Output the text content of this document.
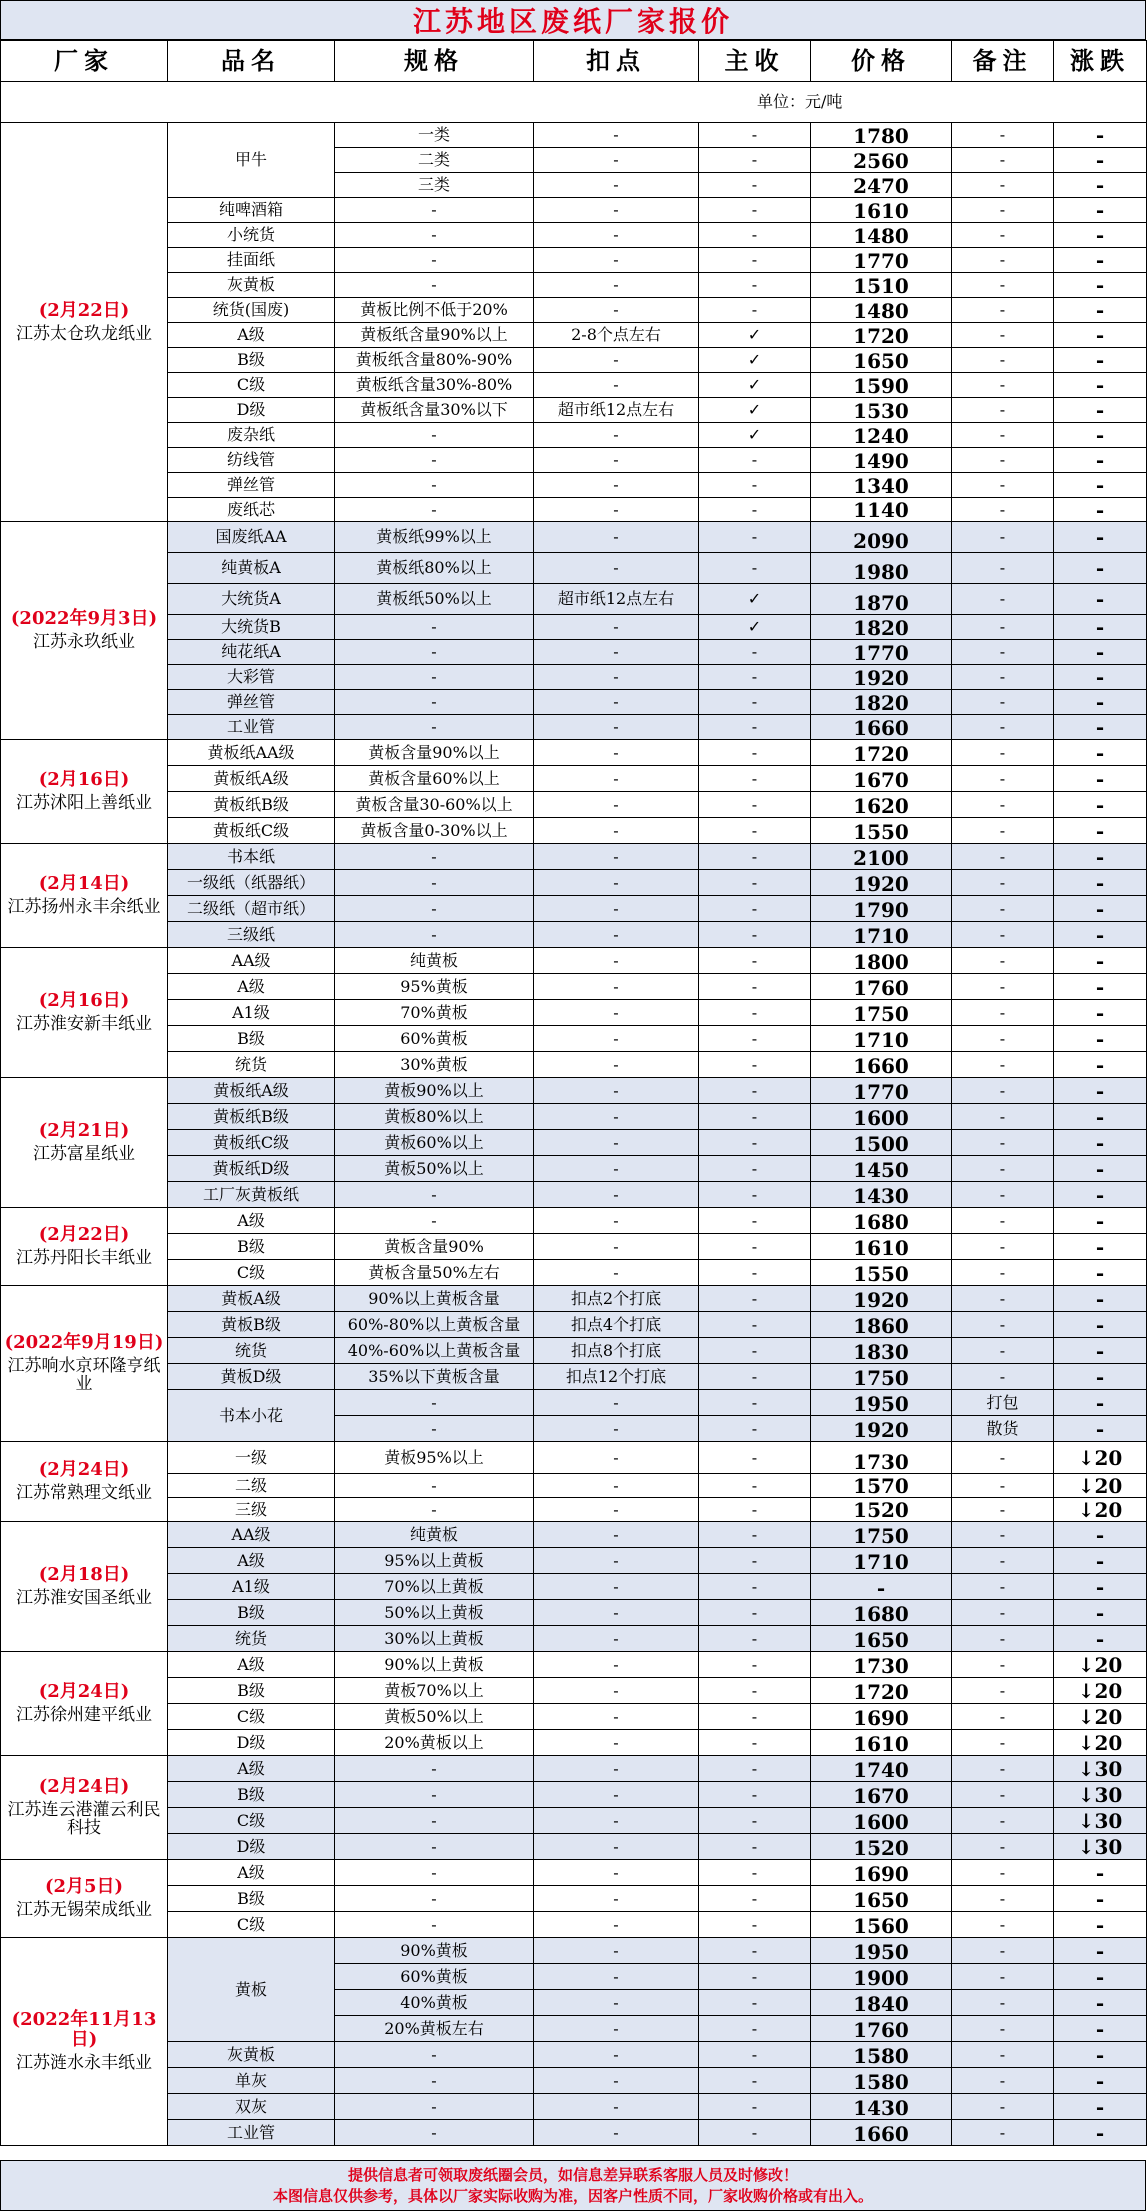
江苏地区废纸厂家报价
厂家	品名	规格	扣点	主收	价格	备注	涨跌
单位：元/吨							

(2月22日)
江苏太仓玖龙纸业	甲牛	一类	-	-	1780	-	-
		二类	-	-	2560	-	-
		三类	-	-	2470	-	-
	纯啤酒箱	-	-	-	1610	-	-
	小统货	-	-	-	1480	-	-
	挂面纸	-	-	-	1770	-	-
	灰黄板	-	-	-	1510	-	-
	统货(国废)	黄板比例不低于20%	-	-	1480	-	-
	A级	黄板纸含量90%以上	2-8个点左右	✓	1720	-	-
	B级	黄板纸含量80%-90%	-	✓	1650	-	-
	C级	黄板纸含量30%-80%	-	✓	1590	-	-
	D级	黄板纸含量30%以下	超市纸12点左右	✓	1530	-	-
	废杂纸	-	-	✓	1240	-	-
	纺线管	-	-	-	1490	-	-
	弹丝管	-	-	-	1340	-	-
	废纸芯	-	-	-	1140	-	-

(2022年9月3日)
江苏永玖纸业	国废纸AA	黄板纸99%以上	-	-	2090	-	-
	纯黄板A	黄板纸80%以上	-	-	1980	-	-
	大统货A	黄板纸50%以上	超市纸12点左右	✓	1870	-	-
	大统货B	-	-	✓	1820	-	-
	纯花纸A	-	-	-	1770	-	-
	大彩管	-	-	-	1920	-	-
	弹丝管	-	-	-	1820	-	-
	工业管	-	-	-	1660	-	-

(2月16日)
江苏沭阳上善纸业	黄板纸AA级	黄板含量90%以上	-	-	1720	-	-
	黄板纸A级	黄板含量60%以上	-	-	1670	-	-
	黄板纸B级	黄板含量30-60%以上	-	-	1620	-	-
	黄板纸C级	黄板含量0-30%以上	-	-	1550	-	-

(2月14日)
江苏扬州永丰余纸业	书本纸	-	-	-	2100	-	-
	一级纸（纸器纸）	-	-	-	1920	-	-
	二级纸（超市纸）	-	-	-	1790	-	-
	三级纸	-	-	-	1710	-	-

(2月16日)
江苏淮安新丰纸业	AA级	纯黄板	-	-	1800	-	-
	A级	95%黄板	-	-	1760	-	-
	A1级	70%黄板	-	-	1750	-	-
	B级	60%黄板	-	-	1710	-	-
	统货	30%黄板	-	-	1660	-	-

(2月21日)
江苏富星纸业	黄板纸A级	黄板90%以上	-	-	1770	-	-
	黄板纸B级	黄板80%以上	-	-	1600	-	-
	黄板纸C级	黄板60%以上	-	-	1500	-	-
	黄板纸D级	黄板50%以上	-	-	1450	-	-
	工厂灰黄板纸	-	-	-	1430	-	-

(2月22日)
江苏丹阳长丰纸业	A级	-	-	-	1680	-	-
	B级	黄板含量90%	-	-	1610	-	-
	C级	黄板含量50%左右	-	-	1550	-	-

(2022年9月19日)
江苏响水京环隆亨纸业	黄板A级	90%以上黄板含量	扣点2个打底	-	1920	-	-
	黄板B级	60%-80%以上黄板含量	扣点4个打底	-	1860	-	-
	统货	40%-60%以上黄板含量	扣点8个打底	-	1830	-	-
	黄板D级	35%以下黄板含量	扣点12个打底	-	1750	-	-
	书本小花	-	-	-	1950	打包	-
		-	-	-	1920	散货	-

(2月24日)
江苏常熟理文纸业	一级	黄板95%以上	-	-	1730	-	↓20
	二级	-	-	-	1570	-	↓20
	三级	-	-	-	1520	-	↓20

(2月18日)
江苏淮安国圣纸业	AA级	纯黄板	-	-	1750	-	-
	A级	95%以上黄板	-	-	1710	-	-
	A1级	70%以上黄板	-	-	-	-	-
	B级	50%以上黄板	-	-	1680	-	-
	统货	30%以上黄板	-	-	1650	-	-

(2月24日)
江苏徐州建平纸业	A级	90%以上黄板	-	-	1730	-	↓20
	B级	黄板70%以上	-	-	1720	-	↓20
	C级	黄板50%以上	-	-	1690	-	↓20
	D级	20%黄板以上	-	-	1610	-	↓20

(2月24日)
江苏连云港灌云利民科技	A级	-	-	-	1740	-	↓30
	B级	-	-	-	1670	-	↓30
	C级	-	-	-	1600	-	↓30
	D级	-	-	-	1520	-	↓30

(2月5日)
江苏无锡荣成纸业	A级	-	-	-	1690	-	-
	B级	-	-	-	1650	-	-
	C级	-	-	-	1560	-	-

(2022年11月13日)
江苏涟水永丰纸业	黄板	90%黄板	-	-	1950	-	-
		60%黄板	-	-	1900	-	-
		40%黄板	-	-	1840	-	-
		20%黄板左右	-	-	1760	-	-
	灰黄板	-	-	-	1580	-	-
	单灰	-	-	-	1580	-	-
	双灰	-	-	-	1430	-	-
	工业管	-	-	-	1660	-	-
提供信息者可领取废纸圈会员，如信息差异联系客服人员及时修改！
本图信息仅供参考，具体以厂家实际收购为准，因客户性质不同，厂家收购价格或有出入。
